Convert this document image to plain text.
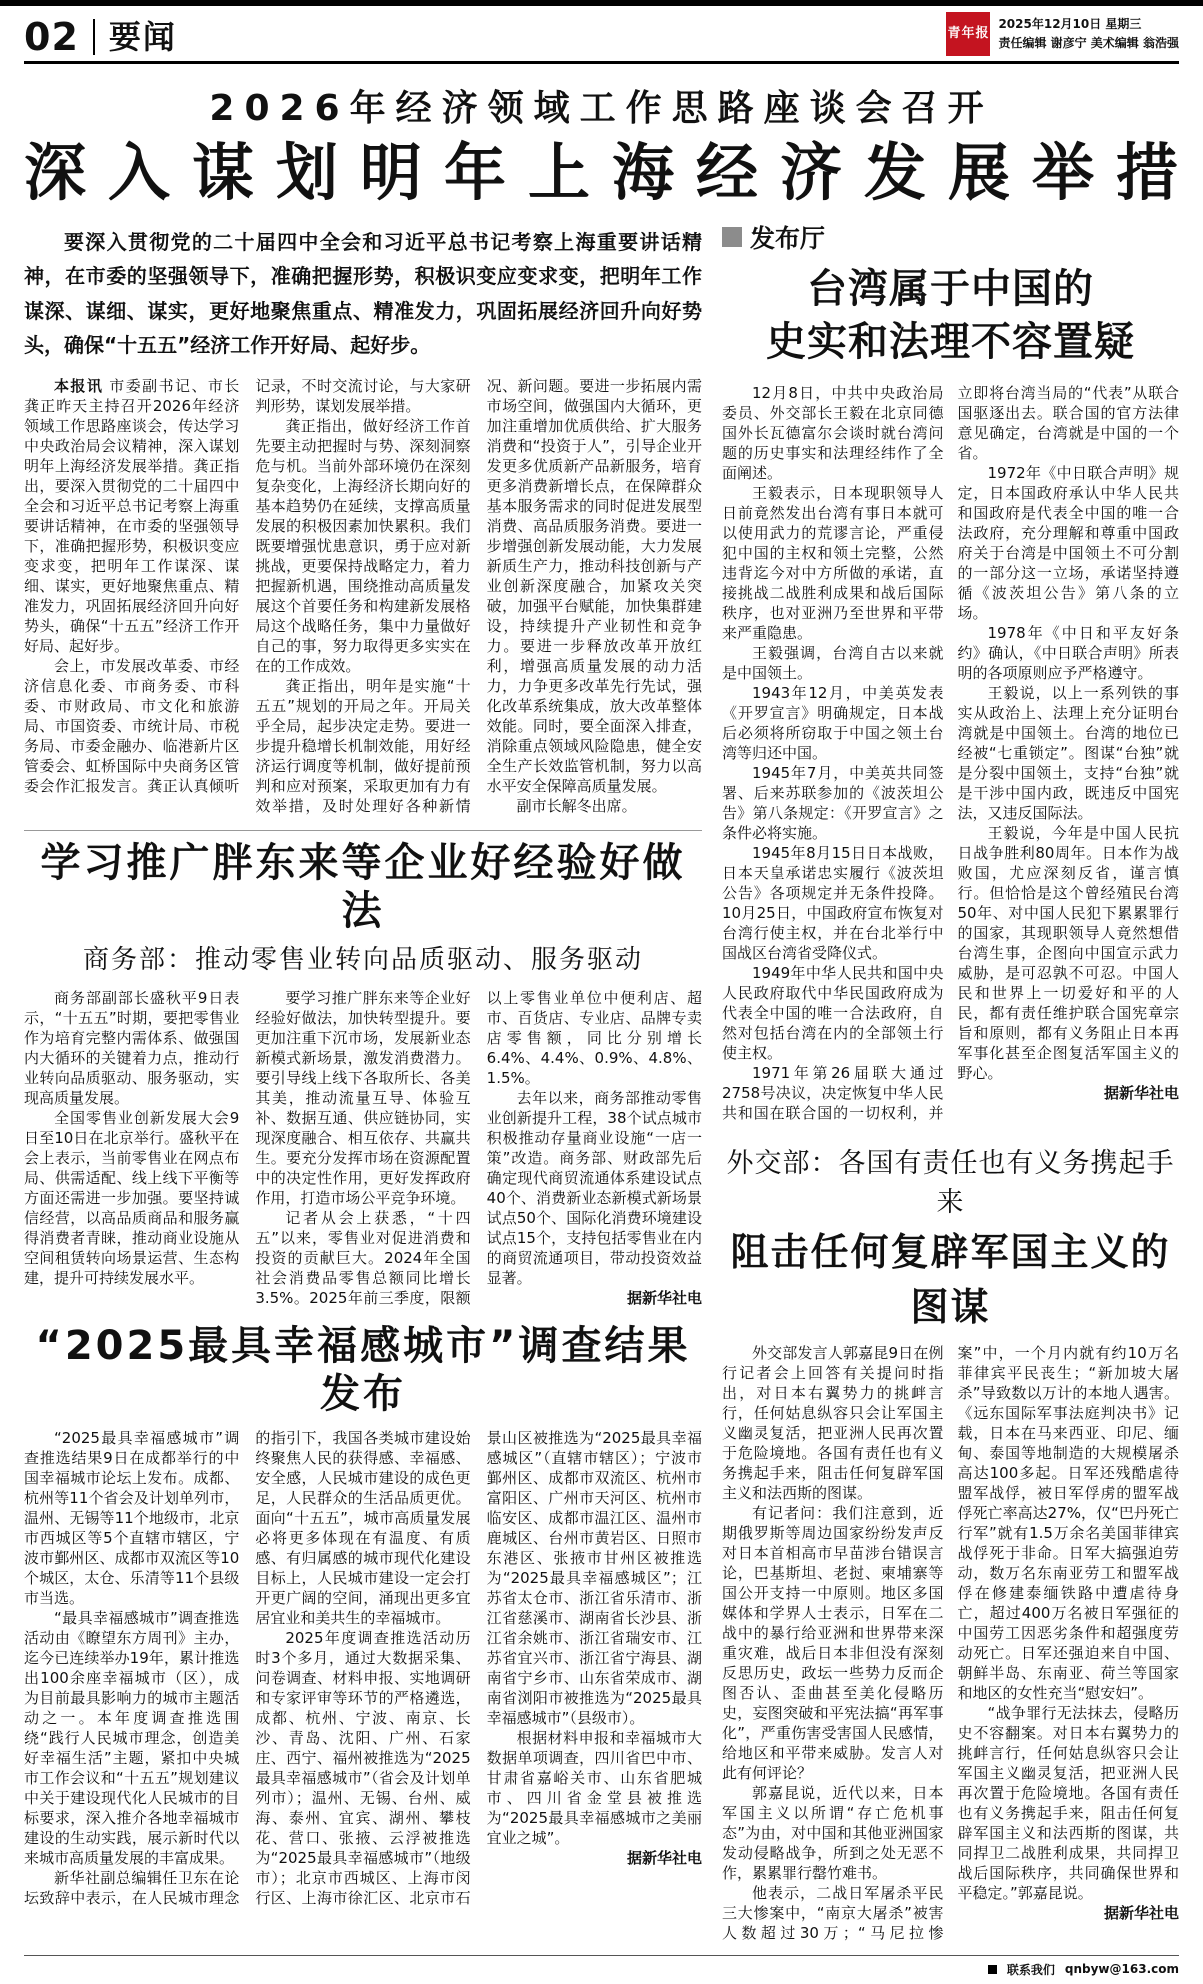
02 要闻	青年报
2025年12月10日 星期三
责任编辑 谢彦宁 美术编辑 翁浩强
2026年经济领域工作思路座谈会召开
深入谋划明年上海经济发展举措

要深入贯彻党的二十届四中全会和习近平总书记考察上海重要讲话精神，在市委的坚强领导下，准确把握形势，积极识变应变求变，把明年工作谋深、谋细、谋实，更好地聚焦重点、精准发力，巩固拓展经济回升向好势头，确保“十五五”经济工作开好局、起好步。

本报讯 市委副书记、市长龚正昨天主持召开2026年经济领域工作思路座谈会，传达学习中央政治局会议精神，深入谋划明年上海经济发展举措。龚正指出，要深入贯彻党的二十届四中全会和习近平总书记考察上海重要讲话精神，在市委的坚强领导下，准确把握形势，积极识变应变求变，把明年工作谋深、谋细、谋实，更好地聚焦重点、精准发力，巩固拓展经济回升向好势头，确保“十五五”经济工作开好局、起好步。

会上，市发展改革委、市经济信息化委、市商务委、市科委、市财政局、市文化和旅游局、市国资委、市统计局、市税务局、市委金融办、临港新片区管委会、虹桥国际中央商务区管委会作汇报发言。龚正认真倾听记录，不时交流讨论，与大家研判形势，谋划发展举措。

龚正指出，做好经济工作首先要主动把握时与势、深刻洞察危与机。当前外部环境仍在深刻复杂变化，上海经济长期向好的基本趋势仍在延续，支撑高质量发展的积极因素加快累积。我们既要增强忧患意识，勇于应对新挑战，更要保持战略定力，着力把握新机遇，围绕推动高质量发展这个首要任务和构建新发展格局这个战略任务，集中力量做好自己的事，努力取得更多实实在在的工作成效。

龚正指出，明年是实施“十五五”规划的开局之年。开局关乎全局，起步决定走势。要进一步提升稳增长机制效能，用好经济运行调度等机制，做好提前预判和应对预案，采取更加有力有效举措，及时处理好各种新情况、新问题。要进一步拓展内需市场空间，做强国内大循环，更加注重增加优质供给、扩大服务消费和“投资于人”，引导企业开发更多优质新产品新服务，培育更多消费新增长点，在保障群众基本服务需求的同时促进发展型消费、高品质服务消费。要进一步增强创新发展动能，大力发展新质生产力，推动科技创新与产业创新深度融合，加紧攻关突破，加强平台赋能，加快集群建设，持续提升产业韧性和竞争力。要进一步释放改革开放红利，增强高质量发展的动力活力，力争更多改革先行先试，强化改革系统集成，放大改革整体效能。同时，要全面深入排查，消除重点领域风险隐患，健全安全生产长效监管机制，努力以高水平安全保障高质量发展。

副市长解冬出席。

学习推广胖东来等企业好经验好做法
商务部：推动零售业转向品质驱动、服务驱动

商务部副部长盛秋平9日表示，“十五五”时期，要把零售业作为培育完整内需体系、做强国内大循环的关键着力点，推动行业转向品质驱动、服务驱动，实现高质量发展。

全国零售业创新发展大会9日至10日在北京举行。盛秋平在会上表示，当前零售业在网点布局、供需适配、线上线下平衡等方面还需进一步加强。要坚持诚信经营，以高品质商品和服务赢得消费者青睐，推动商业设施从空间租赁转向场景运营、生态构建，提升可持续发展水平。

要学习推广胖东来等企业好经验好做法，加快转型提升。要更加注重下沉市场，发展新业态新模式新场景，激发消费潜力。要引导线上线下各取所长、各美其美，推动流量互导、体验互补、数据互通、供应链协同，实现深度融合、相互依存、共赢共生。要充分发挥市场在资源配置中的决定性作用，更好发挥政府作用，打造市场公平竞争环境。

记者从会上获悉，“十四五”以来，零售业对促进消费和投资的贡献巨大。2024年全国社会消费品零售总额同比增长3.5%。2025年前三季度，限额以上零售业单位中便利店、超市、百货店、专业店、品牌专卖店零售额，同比分别增长6.4%、4.4%、0.9%、4.8%、1.5%。

去年以来，商务部推动零售业创新提升工程，38个试点城市积极推动存量商业设施“一店一策”改造。商务部、财政部先后确定现代商贸流通体系建设试点40个、消费新业态新模式新场景试点50个、国际化消费环境建设试点15个，支持包括零售业在内的商贸流通项目，带动投资效益显著。

据新华社电

“2025最具幸福感城市”调查结果发布

“2025最具幸福感城市”调查推选结果9日在成都举行的中国幸福城市论坛上发布。成都、杭州等11个省会及计划单列市，温州、无锡等11个地级市，北京市西城区等5个直辖市辖区，宁波市鄞州区、成都市双流区等10个城区，太仓、乐清等11个县级市当选。

“最具幸福感城市”调查推选活动由《瞭望东方周刊》主办，迄今已连续举办19年，累计推选出100余座幸福城市（区），成为目前最具影响力的城市主题活动之一。本年度调查推选围绕“践行人民城市理念，创造美好幸福生活”主题，紧扣中央城市工作会议和“十五五”规划建议中关于建设现代化人民城市的目标要求，深入推介各地幸福城市建设的生动实践，展示新时代以来城市高质量发展的丰富成果。

新华社副总编辑任卫东在论坛致辞中表示，在人民城市理念的指引下，我国各类城市建设始终聚焦人民的获得感、幸福感、安全感，人民城市建设的成色更足，人民群众的生活品质更优。面向“十五五”，城市高质量发展必将更多体现在有温度、有质感、有归属感的城市现代化建设目标上，人民城市建设一定会打开更广阔的空间，涌现出更多宜居宜业和美共生的幸福城市。

2025年度调查推选活动历时3个多月，通过大数据采集、问卷调查、材料申报、实地调研和专家评审等环节的严格遴选，成都、杭州、宁波、南京、长沙、青岛、沈阳、广州、石家庄、西宁、福州被推选为“2025最具幸福感城市”（省会及计划单列市）；温州、无锡、台州、威海、泰州、宜宾、湖州、攀枝花、营口、张掖、云浮被推选为“2025最具幸福感城市”（地级市）；北京市西城区、上海市闵行区、上海市徐汇区、北京市石景山区被推选为“2025最具幸福感城区”（直辖市辖区）；宁波市鄞州区、成都市双流区、杭州市富阳区、广州市天河区、杭州市临安区、成都市温江区、温州市鹿城区、台州市黄岩区、日照市东港区、张掖市甘州区被推选为“2025最具幸福感城区”；江苏省太仓市、浙江省乐清市、浙江省慈溪市、湖南省长沙县、浙江省余姚市、浙江省瑞安市、江苏省宜兴市、浙江省宁海县、湖南省宁乡市、山东省荣成市、湖南省浏阳市被推选为“2025最具幸福感城市”（县级市）。

根据材料申报和幸福城市大数据单项调查，四川省巴中市、甘肃省嘉峪关市、山东省肥城市、四川省金堂县被推选为“2025最具幸福感城市之美丽宜业之城”。

据新华社电

发布厅
台湾属于中国的
史实和法理不容置疑

12月8日，中共中央政治局委员、外交部长王毅在北京同德国外长瓦德富尔会谈时就台湾问题的历史事实和法理经纬作了全面阐述。

王毅表示，日本现职领导人日前竟然发出台湾有事日本就可以使用武力的荒谬言论，严重侵犯中国的主权和领土完整，公然违背迄今对中方所做的承诺，直接挑战二战胜利成果和战后国际秩序，也对亚洲乃至世界和平带来严重隐患。

王毅强调，台湾自古以来就是中国领土。

1943年12月，中美英发表《开罗宣言》明确规定，日本战后必须将所窃取于中国之领土台湾等归还中国。

1945年7月，中美英共同签署、后来苏联参加的《波茨坦公告》第八条规定：《开罗宣言》之条件必将实施。

1945年8月15日日本战败，日本天皇承诺忠实履行《波茨坦公告》各项规定并无条件投降。10月25日，中国政府宣布恢复对台湾行使主权，并在台北举行中国战区台湾省受降仪式。

1949年中华人民共和国中央人民政府取代中华民国政府成为代表全中国的唯一合法政府，自然对包括台湾在内的全部领土行使主权。

1971年第26届联大通过2758号决议，决定恢复中华人民共和国在联合国的一切权利，并立即将台湾当局的“代表”从联合国驱逐出去。联合国的官方法律意见确定，台湾就是中国的一个省。

1972年《中日联合声明》规定，日本国政府承认中华人民共和国政府是代表全中国的唯一合法政府，充分理解和尊重中国政府关于台湾是中国领土不可分割的一部分这一立场，承诺坚持遵循《波茨坦公告》第八条的立场。

1978年《中日和平友好条约》确认，《中日联合声明》所表明的各项原则应予严格遵守。

王毅说，以上一系列铁的事实从政治上、法理上充分证明台湾就是中国领土。台湾的地位已经被“七重锁定”。图谋“台独”就是分裂中国领土，支持“台独”就是干涉中国内政，既违反中国宪法，又违反国际法。

王毅说，今年是中国人民抗日战争胜利80周年。日本作为战败国，尤应深刻反省，谨言慎行。但恰恰是这个曾经殖民台湾50年、对中国人民犯下累累罪行的国家，其现职领导人竟然想借台湾生事，企图向中国宣示武力威胁，是可忍孰不可忍。中国人民和世界上一切爱好和平的人民，都有责任维护联合国宪章宗旨和原则，都有义务阻止日本再军事化甚至企图复活军国主义的野心。

据新华社电

外交部：各国有责任也有义务携起手来
阻击任何复辟军国主义的图谋

外交部发言人郭嘉昆9日在例行记者会上回答有关提问时指出，对日本右翼势力的挑衅言行，任何姑息纵容只会让军国主义幽灵复活，把亚洲人民再次置于危险境地。各国有责任也有义务携起手来，阻击任何复辟军国主义和法西斯的图谋。

有记者问：我们注意到，近期俄罗斯等周边国家纷纷发声反对日本首相高市早苗涉台错误言论，巴基斯坦、老挝、柬埔寨等国公开支持一中原则。地区多国媒体和学界人士表示，日军在二战中的暴行给亚洲和世界带来深重灾难，战后日本非但没有深刻反思历史，政坛一些势力反而企图否认、歪曲甚至美化侵略历史，妄图突破和平宪法搞“再军事化”，严重伤害受害国人民感情，给地区和平带来威胁。发言人对此有何评论？

郭嘉昆说，近代以来，日本军国主义以所谓“存亡危机事态”为由，对中国和其他亚洲国家发动侵略战争，所到之处无恶不作，累累罪行罄竹难书。

他表示，二战日军屠杀平民三大惨案中，“南京大屠杀”被害人数超过30万；“马尼拉惨案”中，一个月内就有约10万名菲律宾平民丧生；“新加坡大屠杀”导致数以万计的本地人遇害。《远东国际军事法庭判决书》记载，日本在马来西亚、印尼、缅甸、泰国等地制造的大规模屠杀高达100多起。日军还残酷虐待盟军战俘，被日军俘虏的盟军战俘死亡率高达27%，仅“巴丹死亡行军”就有1.5万余名美国菲律宾战俘死于非命。日军大搞强迫劳动，数万名东南亚劳工和盟军战俘在修建泰缅铁路中遭虐待身亡，超过400万名被日军强征的中国劳工因恶劣条件和超强度劳动死亡。日军还强迫来自中国、朝鲜半岛、东南亚、荷兰等国家和地区的女性充当“慰安妇”。

“战争罪行无法抹去，侵略历史不容翻案。对日本右翼势力的挑衅言行，任何姑息纵容只会让军国主义幽灵复活，把亚洲人民再次置于危险境地。各国有责任也有义务携起手来，阻击任何复辟军国主义和法西斯的图谋，共同捍卫二战胜利成果，共同捍卫战后国际秩序，共同确保世界和平稳定。”郭嘉昆说。

据新华社电

联系我们 qnbyw@163.com
